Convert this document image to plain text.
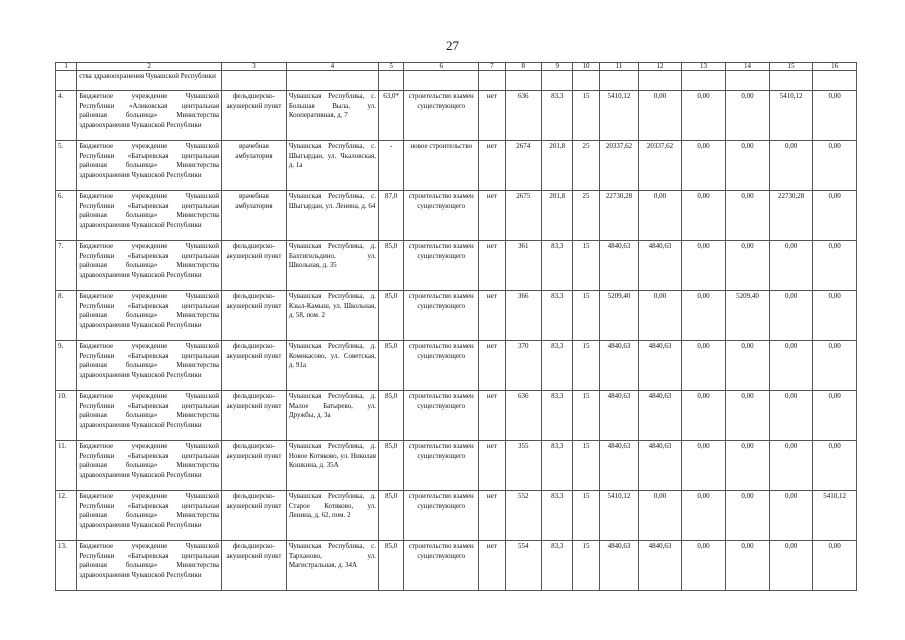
27
1	2	3	4	5	6	7	8	9	10	11	12	13	14	15	16
	ства здравоохранения Чувашской Республики														
4.	Бюджетное учреждение Чувашской Республики «Аликовская центральная районная больница» Министерства здравоохранения Чувашской Республики	фельдшерско-акушерский пункт	Чувашская Республика, с. Большая Выла, ул. Кооперативная, д. 7	63,0*	строительство взамен существующего	нет	636	83,3	15	5410,12	0,00	0,00	0,00	5410,12	0,00
5.	Бюджетное учреждение Чувашской Республики «Батыревская центральная районная больница» Министерства здравоохранения Чувашской Республики	врачебная амбулатория	Чувашская Республика, с. Шыгырдан, ул. Чкаловская, д. 1а	-	новое строительство	нет	2674	201,8	25	20337,62	20337,62	0,00	0,00	0,00	0,00
6.	Бюджетное учреждение Чувашской Республики «Батыревская центральная районная больница» Министерства здравоохранения Чувашской Республики	врачебная амбулатория	Чувашская Республика, с. Шыгырдан, ул. Ленина, д. 64	87,0	строительство взамен существующего	нет	2675	201,8	25	22730,28	0,00	0,00	0,00	22730,28	0,00
7.	Бюджетное учреждение Чувашской Республики «Батыревская центральная районная больница» Министерства здравоохранения Чувашской Республики	фельдшерско-акушерский пункт	Чувашская Республика, д. Бахтигильдино, ул. Школьная, д. 35	85,0	строительство взамен существующего	нет	361	83,3	15	4840,63	4840,63	0,00	0,00	0,00	0,00
8.	Бюджетное учреждение Чувашской Республики «Батыревская центральная районная больница» Министерства здравоохранения Чувашской Республики	фельдшерско-акушерский пункт	Чувашская Республика, д. Кзыл-Камыш, ул. Школьная, д. 58, пом. 2	85,0	строительство взамен существующего	нет	366	83,3	15	5209,40	0,00	0,00	5209,40	0,00	0,00
9.	Бюджетное учреждение Чувашской Республики «Батыревская центральная районная больница» Министерства здравоохранения Чувашской Республики	фельдшерско-акушерский пункт	Чувашская Республика, д. Комикасово, ул. Советская, д. 91а	85,0	строительство взамен существующего	нет	370	83,3	15	4840,63	4840,63	0,00	0,00	0,00	0,00
10.	Бюджетное учреждение Чувашской Республики «Батыревская центральная районная больница» Министерства здравоохранения Чувашской Республики	фельдшерско-акушерский пункт	Чувашская Республика, д. Малое Батырево, ул. Дружбы, д. 3а	85,0	строительство взамен существующего	нет	636	83,3	15	4840,63	4840,63	0,00	0,00	0,00	0,00
11.	Бюджетное учреждение Чувашской Республики «Батыревская центральная районная больница» Министерства здравоохранения Чувашской Республики	фельдшерско-акушерский пункт	Чувашская Республика, д. Новое Котяково, ул. Николая Кошкина, д. 35А	85,0	строительство взамен существующего	нет	355	83,3	15	4840,63	4840,63	0,00	0,00	0,00	0,00
12.	Бюджетное учреждение Чувашской Республики «Батыревская центральная районная больница» Министерства здравоохранения Чувашской Республики	фельдшерско-акушерский пункт	Чувашская Республика, д. Старое Котяково, ул. Ленина, д. 62, пом. 2	85,0	строительство взамен существующего	нет	552	83,3	15	5410,12	0,00	0,00	0,00	0,00	5410,12
13.	Бюджетное учреждение Чувашской Республики «Батыревская центральная районная больница» Министерства здравоохранения Чувашской Республики	фельдшерско-акушерский пункт	Чувашская Республика, с. Тарханово, ул. Магистральная, д. 34А	85,0	строительство взамен существующего	нет	554	83,3	15	4840,63	4840,63	0,00	0,00	0,00	0,00
